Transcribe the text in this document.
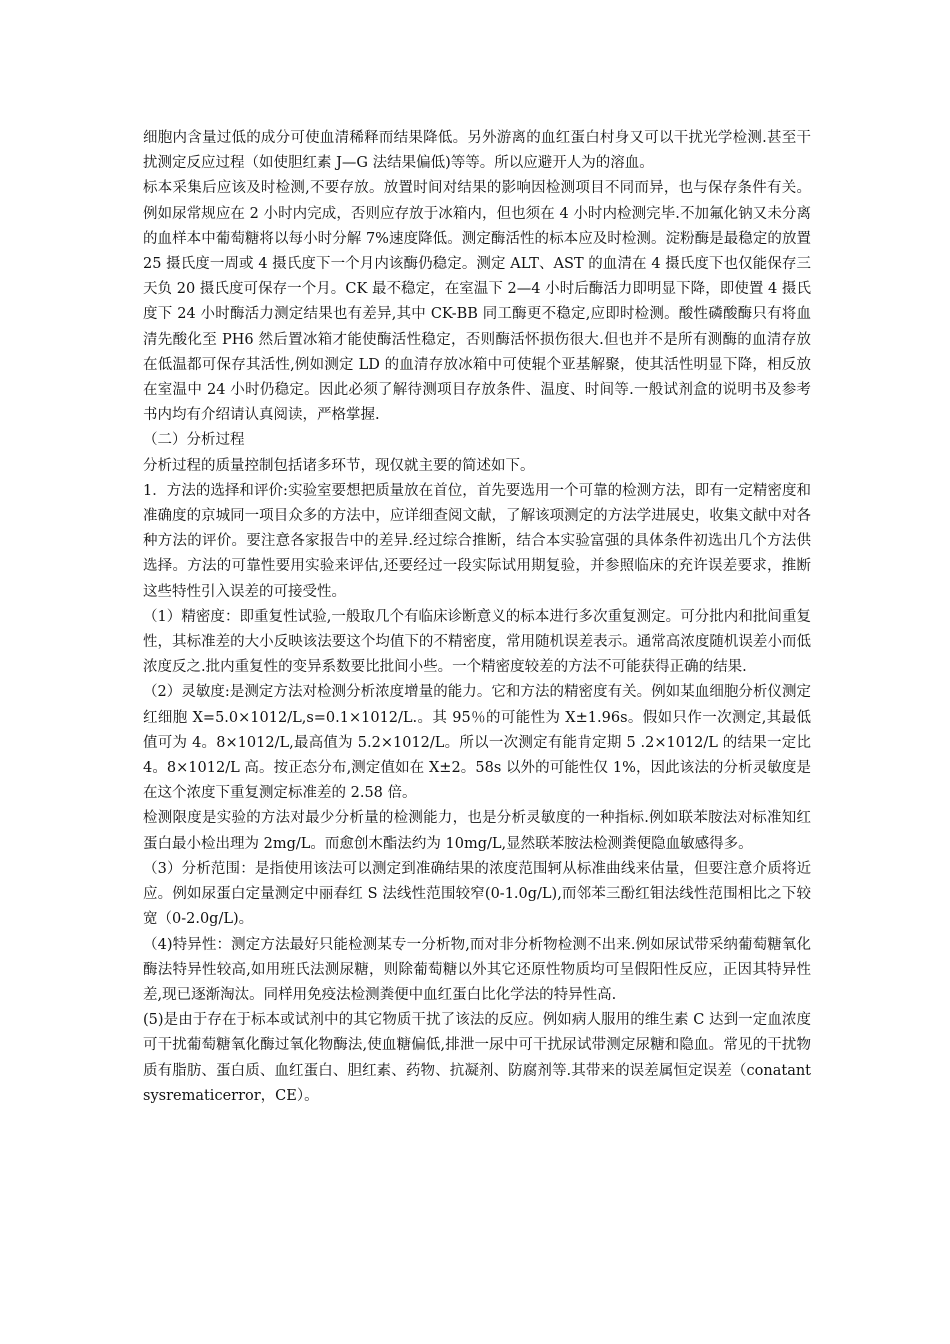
细胞内含量过低的成分可使血清稀释而结果降低。另外游离的血红蛋白村身又可以干扰光学检测.甚至干扰测定反应过程（如使胆红素 J—G 法结果偏低)等等。所以应避开人为的溶血。

标本采集后应该及时检测,不要存放。放置时间对结果的影响因检测项目不同而异，也与保存条件有关。例如尿常规应在 2 小时内完成，否则应存放于冰箱内，但也须在 4 小时内检测完毕.不加氟化钠又未分离的血样本中葡萄糖将以每小时分解 7%速度降低。测定酶活性的标本应及时检测。淀粉酶是最稳定的放置 25 摄氏度一周或 4 摄氏度下一个月内该酶仍稳定。测定 ALT、AST 的血清在 4 摄氏度下也仅能保存三天负 20 摄氏度可保存一个月。CK 最不稳定，在室温下 2—4 小时后酶活力即明显下降，即使置 4 摄氏度下 24 小时酶活力测定结果也有差异,其中 CK-BB 同工酶更不稳定,应即时检测。酸性磷酸酶只有将血清先酸化至 PH6 然后置冰箱才能使酶活性稳定，否则酶活怀损伤很大.但也并不是所有测酶的血清存放在低温都可保存其活性,例如测定 LD 的血清存放冰箱中可使辊个亚基解聚，使其活性明显下降，相反放在室温中 24 小时仍稳定。因此必须了解待测项目存放条件、温度、时间等.一般试剂盒的说明书及参考书内均有介绍请认真阅读，严格掌握.

（二）分析过程

分析过程的质量控制包括诸多环节，现仅就主要的简述如下。

1．方法的选择和评价:实验室要想把质量放在首位，首先要选用一个可靠的检测方法，即有一定精密度和准确度的京城同一项目众多的方法中，应详细查阅文献，了解该项测定的方法学进展史，收集文献中对各种方法的评价。要注意各家报告中的差异.经过综合推断，结合本实验富强的具体条件初选出几个方法供选择。方法的可靠性要用实验来评估,还要经过一段实际试用期复验，并参照临床的充许误差要求，推断这些特性引入误差的可接受性。

（1）精密度：即重复性试验,一般取几个有临床诊断意义的标本进行多次重复测定。可分批内和批间重复性，其标准差的大小反映该法要这个均值下的不精密度，常用随机误差表示。通常高浓度随机误差小而低浓度反之.批内重复性的变异系数要比批间小些。一个精密度较差的方法不可能获得正确的结果.

（2）灵敏度:是测定方法对检测分析浓度增量的能力。它和方法的精密度有关。例如某血细胞分析仪测定红细胞 X=5.0×1012/L,s=0.1×1012/L.。其 95％的可能性为 X±1.96s。假如只作一次测定,其最低值可为 4。8×1012/L,最高值为 5.2×1012/L。所以一次测定有能肯定期 5 .2×1012/L 的结果一定比 4。8×1012/L 高。按正态分布,测定值如在 X±2。58s 以外的可能性仅 1%，因此该法的分析灵敏度是在这个浓度下重复测定标准差的 2.58 倍。

检测限度是实验的方法对最少分析量的检测能力，也是分析灵敏度的一种指标.例如联苯胺法对标准知红蛋白最小检出理为 2mg/L。而愈创木酯法约为 10mg/L,显然联苯胺法检测粪便隐血敏感得多。

（3）分析范围：是指使用该法可以测定到准确结果的浓度范围轲从标准曲线来估量，但要注意介质将近应。例如尿蛋白定量测定中丽春红 S 法线性范围较窄(0-1.0g/L),而邻苯三酚红钼法线性范围相比之下较宽（0-2.0g/L)。

（4)特异性：测定方法最好只能检测某专一分析物,而对非分析物检测不出来.例如尿试带采纳葡萄糖氧化酶法特异性较高,如用班氏法测尿糖，则除葡萄糖以外其它还原性物质均可呈假阳性反应，正因其特异性差,现已逐渐淘汰。同样用免疫法检测粪便中血红蛋白比化学法的特异性高.

(5)是由于存在于标本或试剂中的其它物质干扰了该法的反应。例如病人服用的维生素 C 达到一定血浓度可干扰葡萄糖氧化酶过氧化物酶法,使血糖偏低,排泄一尿中可干扰尿试带测定尿糖和隐血。常见的干扰物质有脂肪、蛋白质、血红蛋白、胆红素、药物、抗凝剂、防腐剂等.其带来的误差属恒定误差（conatant sysrematicerror，CE）。
